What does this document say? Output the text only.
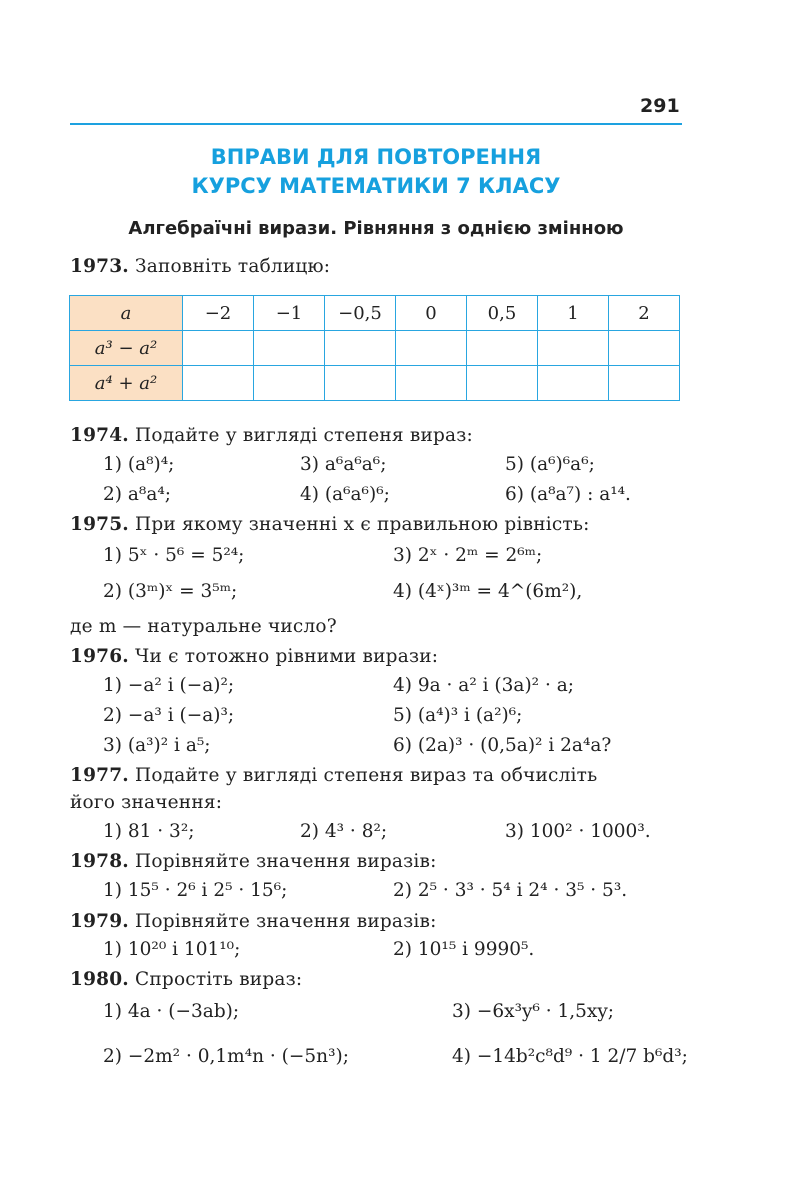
291
ВПРАВИ ДЛЯ ПОВТОРЕННЯ
КУРСУ МАТЕМАТИКИ 7 КЛАСУ
Алгебраїчні вирази. Рівняння з однією змінною
1973. Заповніть таблицю:
a	−2	−1	−0,5	0	0,5	1	2
a³ − a²							
a⁴ + a²							
1974. Подайте у вигляді степеня вираз:
1) (a⁸)⁴;	3) a⁶a⁶a⁶;	5) (a⁶)⁶a⁶;
2) a⁸a⁴;	4) (a⁶a⁶)⁶;	6) (a⁸a⁷) : a¹⁴.
1975. При якому значенні x є правильною рівність:
1) 5ˣ · 5⁶ = 5²⁴;	3) 2ˣ · 2ᵐ = 2⁶ᵐ;
2) (3ᵐ)ˣ = 3⁵ᵐ;	4) (4ˣ)³ᵐ = 4^(6m²),
де m — натуральне число?
1976. Чи є тотожно рівними вирази:
1) −a² і (−a)²;	4) 9a · a² і (3a)² · a;
2) −a³ і (−a)³;	5) (a⁴)³ і (a²)⁶;
3) (a³)² і a⁵;	6) (2a)³ · (0,5a)² і 2a⁴a?
1977. Подайте у вигляді степеня вираз та обчисліть
його значення:
1) 81 · 3²;	2) 4³ · 8²;	3) 100² · 1000³.
1978. Порівняйте значення виразів:
1) 15⁵ · 2⁶ і 2⁵ · 15⁶;	2) 2⁵ · 3³ · 5⁴ і 2⁴ · 3⁵ · 5³.
1979. Порівняйте значення виразів:
1) 10²⁰ і 101¹⁰;	2) 10¹⁵ і 9990⁵.
1980. Спростіть вираз:
1) 4a · (−3ab);	3) −6x³y⁶ · 1,5xy;
2) −2m² · 0,1m⁴n · (−5n³);	4) −14b²c⁸d⁹ · 1 2/7 b⁶d³;
